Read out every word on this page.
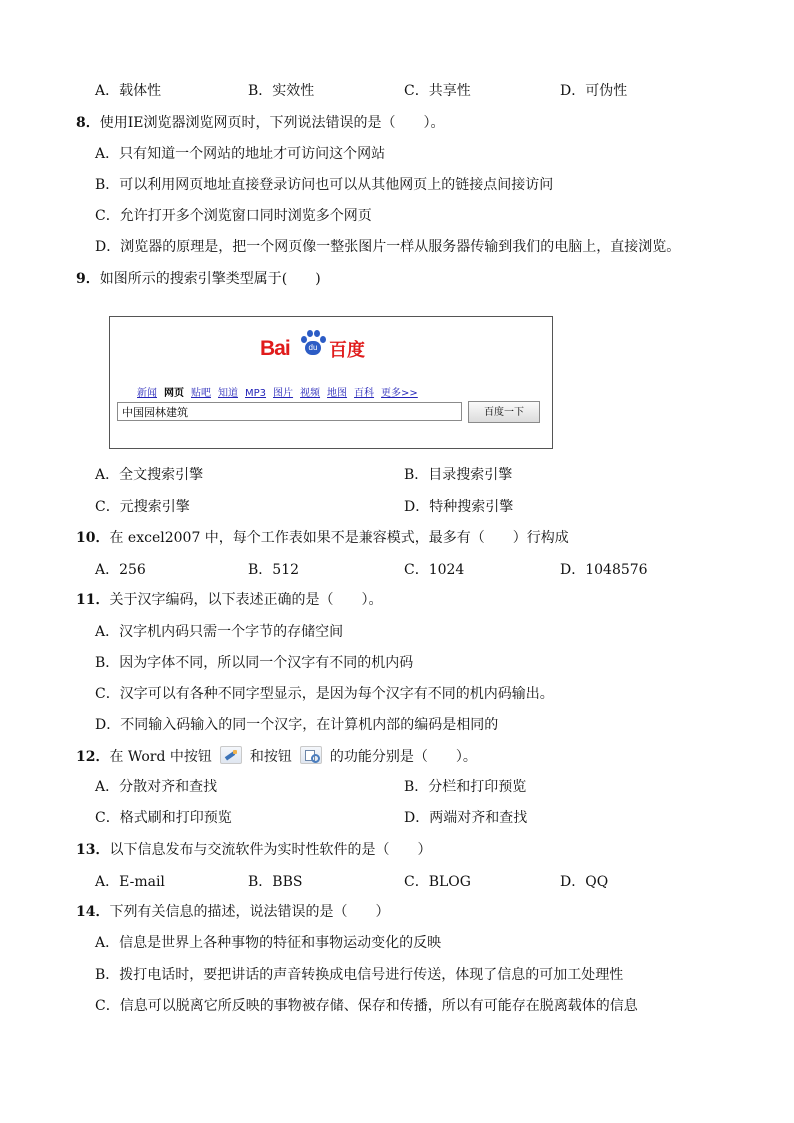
A．载体性	B．实效性	C．共享性	D．可伪性
8．使用IE浏览器浏览网页时，下列说法错误的是（　　）。
A．只有知道一个网站的地址才可访问这个网站
B．可以利用网页地址直接登录访问也可以从其他网页上的链接点间接访问
C．允许打开多个浏览窗口同时浏览多个网页
D．浏览器的原理是，把一个网页像一整张图片一样从服务器传输到我们的电脑上，直接浏览。
9．如图所示的搜索引擎类型属于(　　)
Bai	du 百度
新闻 网页 贴吧 知道 MP3 图片 视频 地图 百科 更多>>
中国园林建筑	百度一下
A．全文搜索引擎	B．目录搜索引擎
C．元搜索引擎	D．特种搜索引擎
10．在 excel2007 中，每个工作表如果不是兼容模式，最多有（　　）行构成
A．256	B．512	C．1024	D．1048576
11．关于汉字编码，以下表述正确的是（　　）。
A．汉字机内码只需一个字节的存储空间
B．因为字体不同，所以同一个汉字有不同的机内码
C．汉字可以有各种不同字型显示，是因为每个汉字有不同的机内码输出。
D．不同输入码输入的同一个汉字，在计算机内部的编码是相同的
12．在 Word 中按钮	和按钮	的功能分别是（　　）。
A．分散对齐和查找	B．分栏和打印预览
C．格式刷和打印预览	D．两端对齐和查找
13．以下信息发布与交流软件为实时性软件的是（　　）
A．E-mail	B．BBS	C．BLOG	D．QQ
14．下列有关信息的描述，说法错误的是（　　）
A．信息是世界上各种事物的特征和事物运动变化的反映
B．拨打电话时，要把讲话的声音转换成电信号进行传送，体现了信息的可加工处理性
C．信息可以脱离它所反映的事物被存储、保存和传播，所以有可能存在脱离载体的信息
